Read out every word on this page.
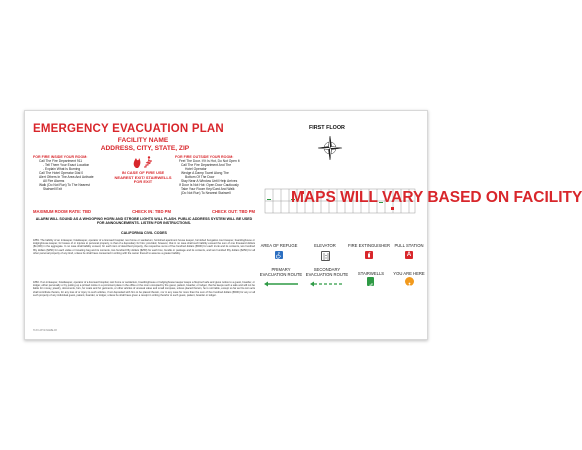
EMERGENCY EVACUATION PLAN
FACILITY NAME
ADDRESS, CITY, STATE, ZIP
FOR FIRE INSIDE YOUR ROOM:
Call The Fire Department 911
- Tell Them Your Exact Location
- Explain What Is Burning
Call The Hotel Operator Dial 0
Alert Others In The Area And Activate
All Fire Alarms
Walk (Do Not Run) To The Nearest
Stairwell Exit
IN CASE OF FIRE USE NEAREST EXIT/ STAIRWELLS FOR EXIT
FOR FIRE OUTSIDE YOUR ROOM:
Feel The Door. If It Is Hot, Do Not Open It
Call The Fire Department And The
Hotel Operator
Wedge A Damp Towel Along The
Bottom Of The Door
Stay Near A Window Until Help Arrives
If Door Is Not Hot: Open Door Cautiously
Take Your Room Key/Card And Walk
(Do Not Run) To Nearest Stairwell
MAXIMUM ROOM RATE: TBD	CHECK IN: TBD PM	CHECK OUT: TBD PM
ALARM WILL SOUND AS A WHOOPING HORN AND STROBE LIGHTS WILL FLASH. PUBLIC ADDRESS SYSTEM WILL BE USED FOR ANNOUNCEMENTS. LISTEN FOR INSTRUCTIONS.
CALIFORNIA CIVIL CODES
1859. The liability of an innkeeper, hotelkeeper, operator of a licensed hospital, rest home or sanitarium, furnished apartment house keeper, furnished bungalow court keeper, boardinghouse or lodginghouse keeper, for losses of or injuries to personal property, is that of a depositary for hire; provided, however, that in no case shall such liability exceed the sum of one thousand dollars ($1,000) in the aggregate. In no case shall liability exceed, for each item of described property, the respective sums of five hundred dollars ($500) for each trunk and its contents, two hundred fifty dollars ($250) for each valise or traveling bag and its contents, two hundred fifty dollars ($250) for each box, bundle or package and its contents, and two hundred fifty dollars ($250) for all other personal property of any kind, unless he shall have consented in writing with the owner thereof to assume a greater liability.
1860. If an innkeeper, hotelkeeper, operator of a licensed hospital, rest home or sanitarium, boardinghouse or lodginghouse keeper keeps a fireproof safe and gives notice to a guest, boarder, or lodger, either personally or by putting up a printed notice in a prominent place in the office or the room occupied by the guest, patient, boarder, or lodger, that he keeps such a safe and will not be liable for money, jewelry, documents, furs, fur coats and fur garments, or other articles of unusual value and small compass, unless placed therein, he is not liable, except so far as his own acts shall contribute thereto, for any loss of or injury to such articles, if not deposited with him to be placed therein, nor in any case for more than the sum of five hundred dollars ($500) for any or all such property of any individual guest, patient, boarder, or lodger, unless he shall have given a receipt in writing therefor to such guest, patient, boarder or lodger.
H-XX-4XYZ-NAME-0X
FIRST FLOOR
MAPS WILL VARY BASED ON FACILITY
AREA OF REFUGE	ELEVATOR	FIRE EXTINGUISHER	PULL STATION
A
PRIMARY EVACUATION ROUTE
SECONDARY EVACUATION ROUTE	STAIRWELLS	YOU ARE HERE
